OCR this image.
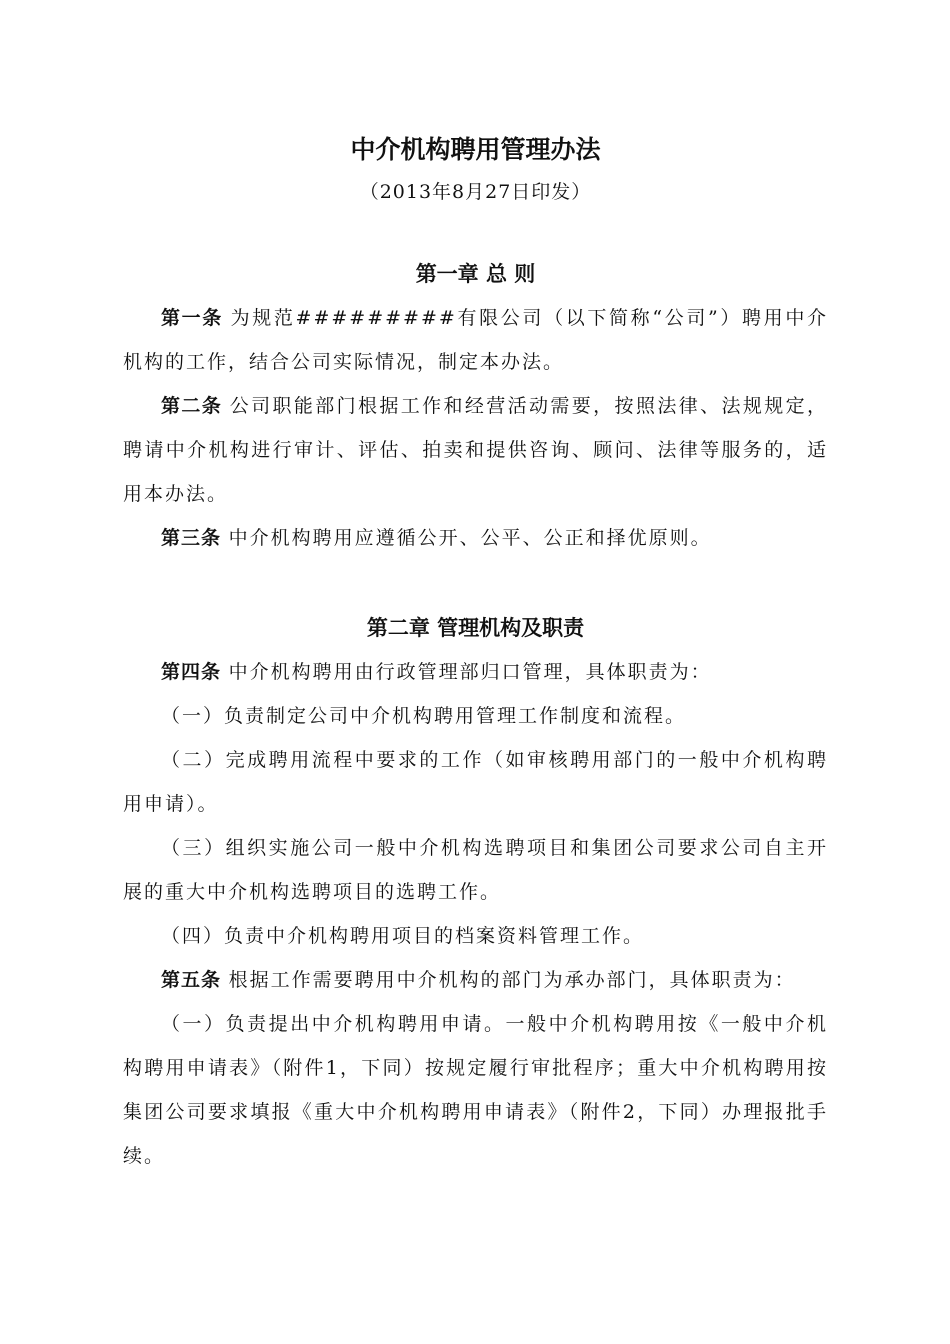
中介机构聘用管理办法
（2013年8月27日印发）
第一章 总 则

第一条 为规范#########有限公司（以下简称“公司”）聘用中介机构的工作，结合公司实际情况，制定本办法。

第二条 公司职能部门根据工作和经营活动需要，按照法律、法规规定，聘请中介机构进行审计、评估、拍卖和提供咨询、顾问、法律等服务的，适用本办法。

第三条 中介机构聘用应遵循公开、公平、公正和择优原则。

第二章 管理机构及职责

第四条 中介机构聘用由行政管理部归口管理，具体职责为：

（一）负责制定公司中介机构聘用管理工作制度和流程。

（二）完成聘用流程中要求的工作（如审核聘用部门的一般中介机构聘用申请）。

（三）组织实施公司一般中介机构选聘项目和集团公司要求公司自主开展的重大中介机构选聘项目的选聘工作。

（四）负责中介机构聘用项目的档案资料管理工作。

第五条 根据工作需要聘用中介机构的部门为承办部门，具体职责为：

（一）负责提出中介机构聘用申请。一般中介机构聘用按《一般中介机构聘用申请表》（附件1，下同）按规定履行审批程序；重大中介机构聘用按集团公司要求填报《重大中介机构聘用申请表》（附件2，下同）办理报批手续。
